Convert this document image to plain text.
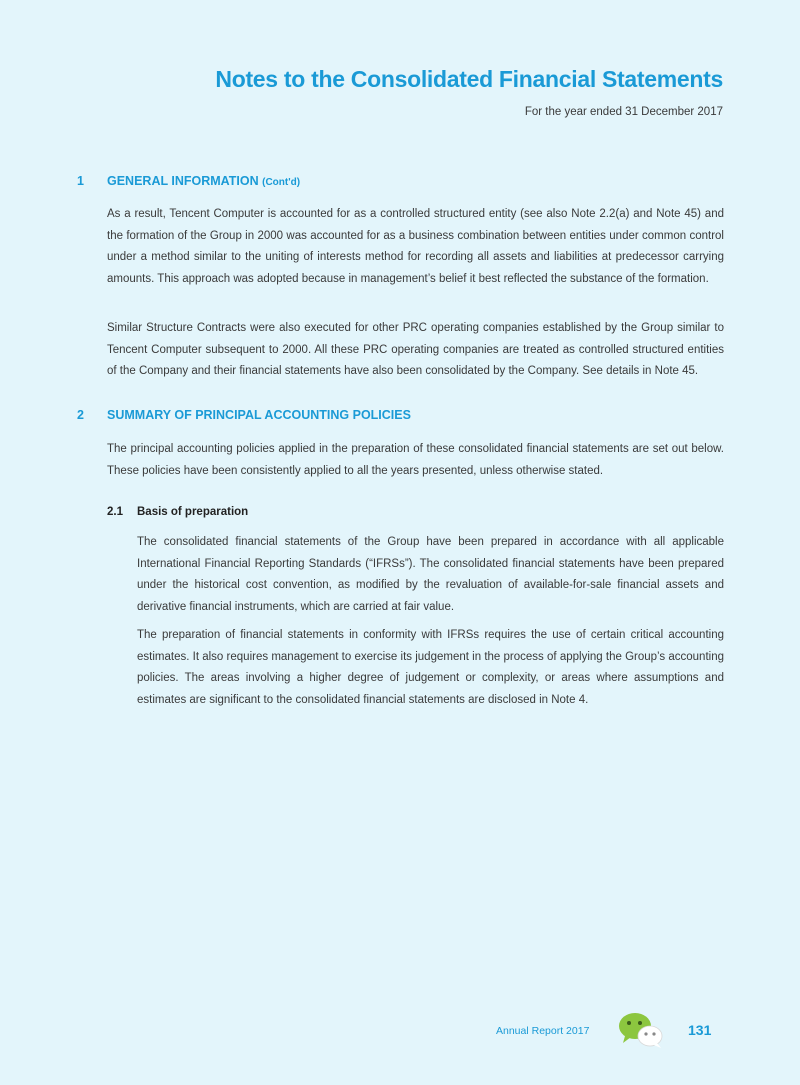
Notes to the Consolidated Financial Statements
For the year ended 31 December 2017
1 GENERAL INFORMATION (Cont'd)

As a result, Tencent Computer is accounted for as a controlled structured entity (see also Note 2.2(a) and Note 45) and the formation of the Group in 2000 was accounted for as a business combination between entities under common control under a method similar to the uniting of interests method for recording all assets and liabilities at predecessor carrying amounts. This approach was adopted because in management’s belief it best reflected the substance of the formation.

Similar Structure Contracts were also executed for other PRC operating companies established by the Group similar to Tencent Computer subsequent to 2000. All these PRC operating companies are treated as controlled structured entities of the Company and their financial statements have also been consolidated by the Company. See details in Note 45.

2 SUMMARY OF PRINCIPAL ACCOUNTING POLICIES

The principal accounting policies applied in the preparation of these consolidated financial statements are set out below. These policies have been consistently applied to all the years presented, unless otherwise stated.

2.1 Basis of preparation

The consolidated financial statements of the Group have been prepared in accordance with all applicable International Financial Reporting Standards (“IFRSs”). The consolidated financial statements have been prepared under the historical cost convention, as modified by the revaluation of available-for-sale financial assets and derivative financial instruments, which are carried at fair value.

The preparation of financial statements in conformity with IFRSs requires the use of certain critical accounting estimates. It also requires management to exercise its judgement in the process of applying the Group’s accounting policies. The areas involving a higher degree of judgement or complexity, or areas where assumptions and estimates are significant to the consolidated financial statements are disclosed in Note 4.

Annual Report 2017	131
